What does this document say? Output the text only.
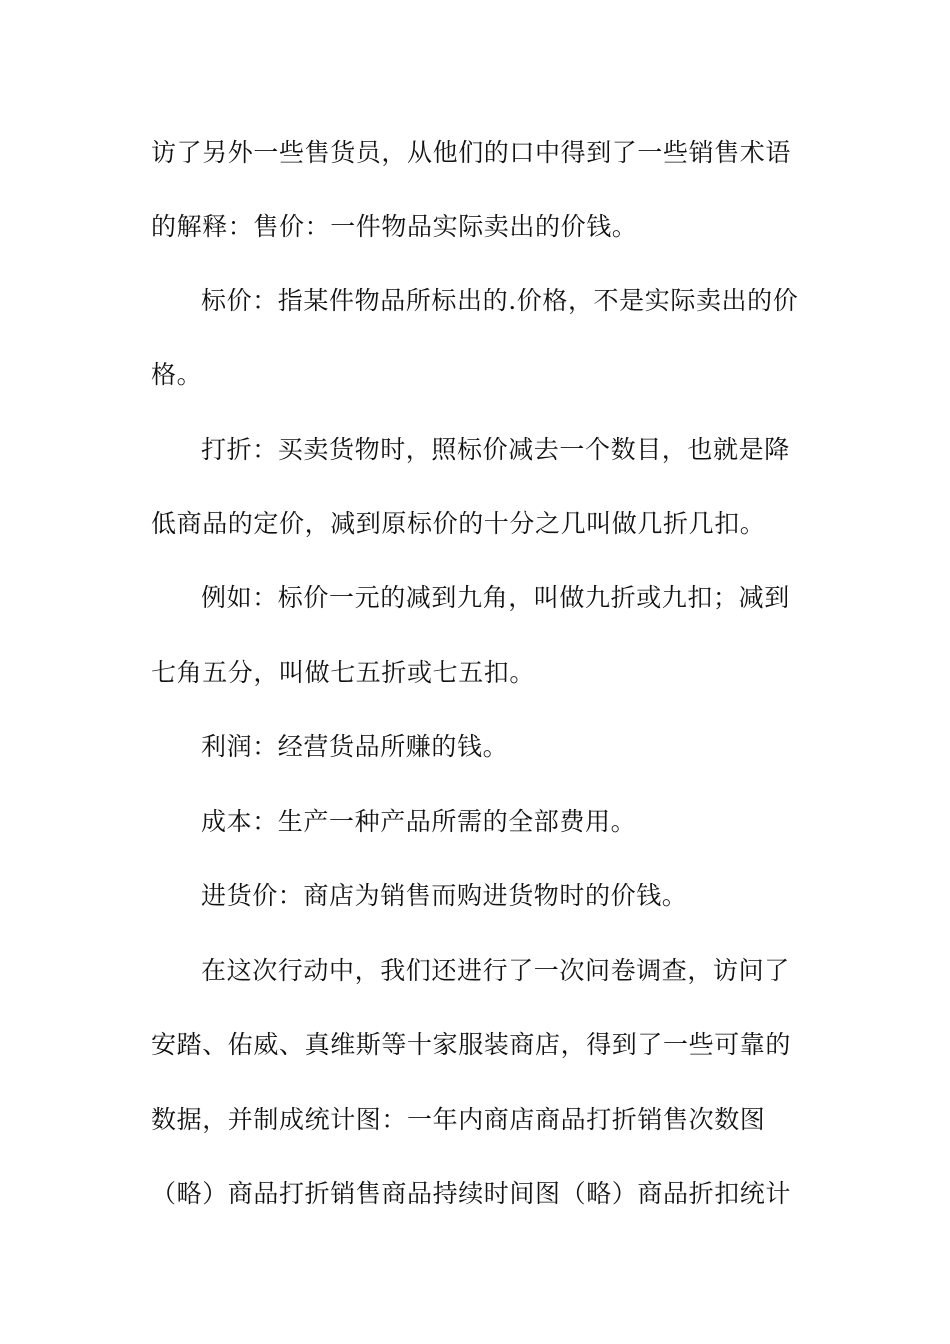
访了另外一些售货员，从他们的口中得到了一些销售术语
的解释：售价：一件物品实际卖出的价钱。
标价：指某件物品所标出的.价格，不是实际卖出的价
格。
打折：买卖货物时，照标价减去一个数目，也就是降
低商品的定价，减到原标价的十分之几叫做几折几扣。
例如：标价一元的减到九角，叫做九折或九扣；减到
七角五分，叫做七五折或七五扣。
利润：经营货品所赚的钱。
成本：生产一种产品所需的全部费用。
进货价：商店为销售而购进货物时的价钱。
在这次行动中，我们还进行了一次问卷调查，访问了
安踏、佑威、真维斯等十家服装商店，得到了一些可靠的
数据，并制成统计图：一年内商店商品打折销售次数图
（略）商品打折销售商品持续时间图（略）商品折扣统计
